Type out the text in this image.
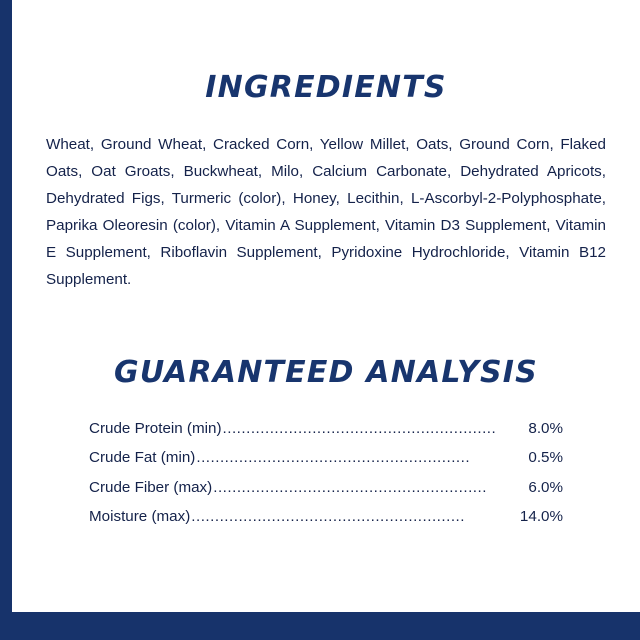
INGREDIENTS
Wheat, Ground Wheat, Cracked Corn, Yellow Millet, Oats, Ground Corn, Flaked Oats, Oat Groats, Buckwheat, Milo, Calcium Carbonate, Dehydrated Apricots, Dehydrated Figs, Turmeric (color), Honey, Lecithin, L-Ascorbyl-2-Polyphosphate, Paprika Oleoresin (color), Vitamin A Supplement, Vitamin D3 Supplement, Vitamin E Supplement, Riboflavin Supplement, Pyridoxine Hydrochloride, Vitamin B12 Supplement.
GUARANTEED ANALYSIS
Crude Protein (min) ..........................................................	8.0%
Crude Fat (min) ..........................................................	0.5%
Crude Fiber (max) ..........................................................	6.0%
Moisture (max) ..........................................................	14.0%
